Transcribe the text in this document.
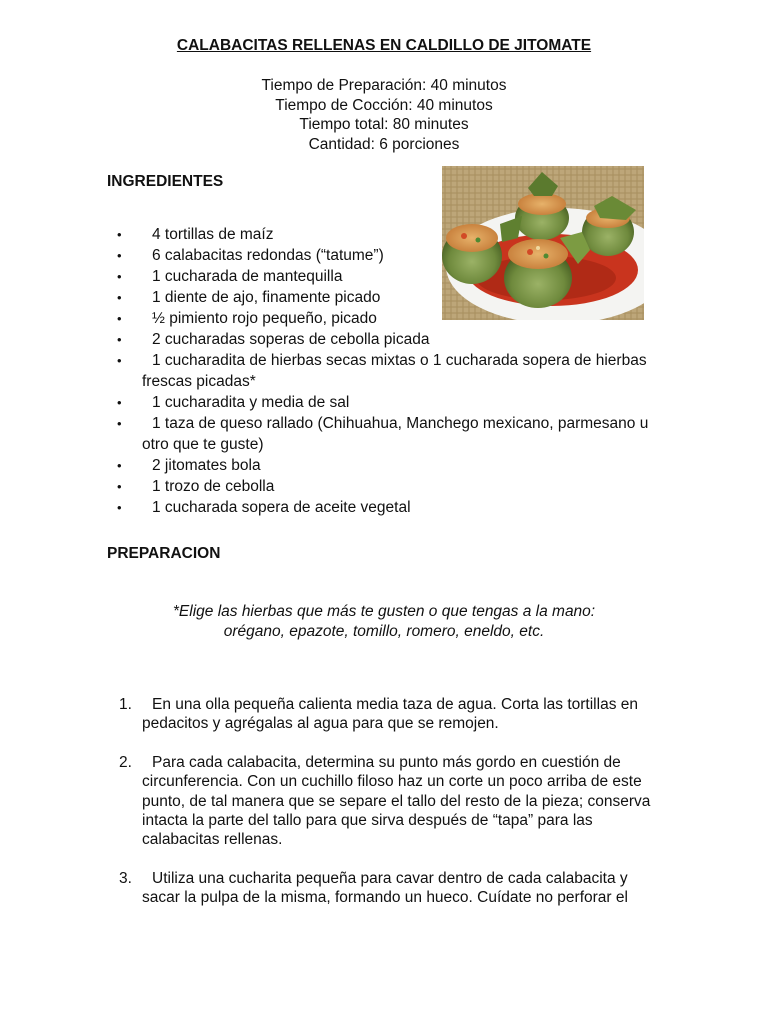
CALABACITAS RELLENAS EN CALDILLO DE JITOMATE
Tiempo de Preparación: 40 minutos
Tiempo de Cocción: 40 minutos
Tiempo total: 80 minutes
Cantidad: 6 porciones
INGREDIENTES
•	4 tortillas de maíz
•	6 calabacitas redondas (“tatume”)
•	1 cucharada de mantequilla
•	1 diente de ajo, finamente picado
•	½ pimiento rojo pequeño, picado
•	2 cucharadas soperas de cebolla picada
•	1 cucharadita de hierbas secas mixtas o 1 cucharada sopera de hierbas frescas picadas*
•	1 cucharadita y media de sal
•	1 taza de queso rallado (Chihuahua, Manchego mexicano, parmesano u otro que te guste)
•	2 jitomates bola
•	1 trozo de cebolla
•	1 cucharada sopera de aceite vegetal
PREPARACION
*Elige las hierbas que más te gusten o que tengas a la mano:
orégano, epazote, tomillo, romero, eneldo, etc.
1.	En una olla pequeña calienta media taza de agua. Corta las tortillas en pedacitos y agrégalas al agua para que se remojen.
2.	Para cada calabacita, determina su punto más gordo en cuestión de circunferencia. Con un cuchillo filoso haz un corte un poco arriba de este punto, de tal manera que se separe el tallo del resto de la pieza; conserva intacta la parte del tallo para que sirva después de “tapa” para las calabacitas rellenas.
3.	Utiliza una cucharita pequeña para cavar dentro de cada calabacita y sacar la pulpa de la misma, formando un hueco. Cuídate no perforar el
